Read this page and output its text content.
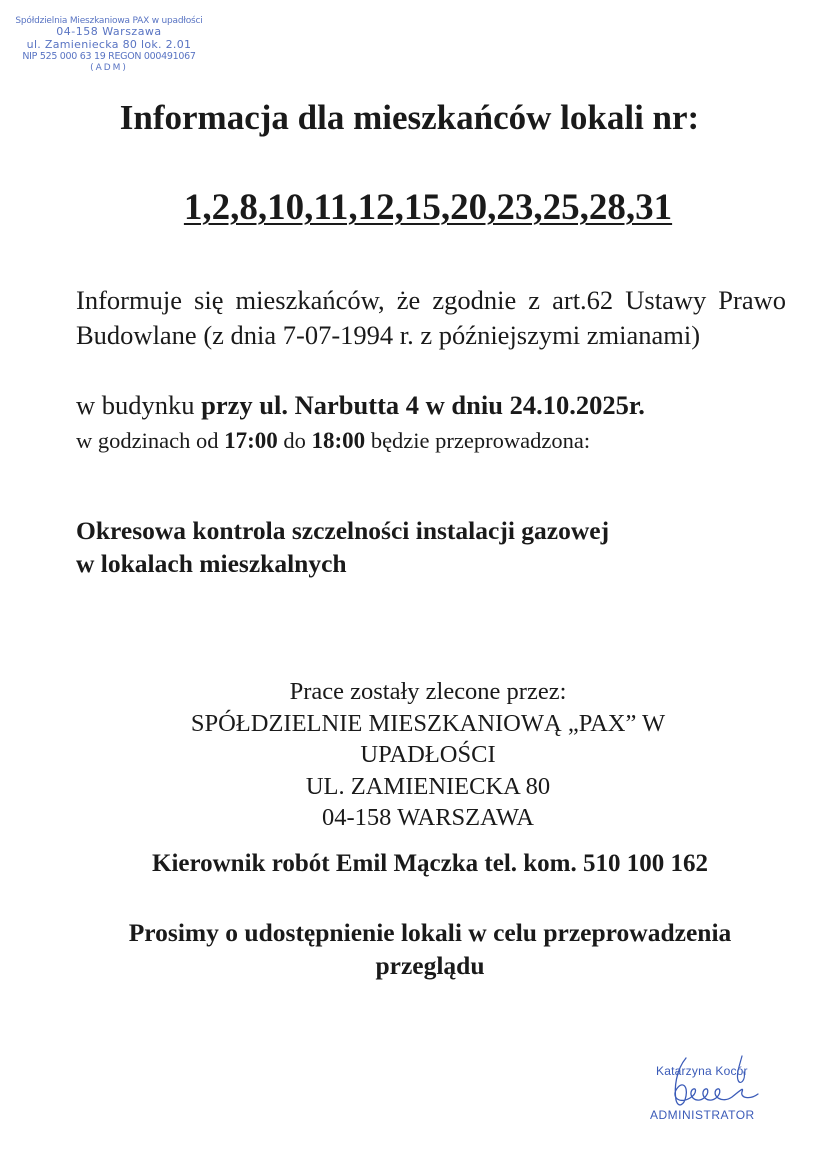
Spółdzielnia Mieszkaniowa PAX w upadłości
04-158 Warszawa
ul. Zamieniecka 80 lok. 2.01
NIP 525 000 63 19 REGON 000491067
(ADM)
Informacja dla mieszkańców lokali nr:
1,2,8,10,11,12,15,20,23,25,28,31

Informuje się mieszkańców, że zgodnie z art.62 Ustawy Prawo Budowlane (z dnia 7-07-1994 r. z późniejszymi zmianami)

w budynku przy ul. Narbutta 4 w dniu 24.10.2025r.

w godzinach od 17:00 do 18:00 będzie przeprowadzona:

Okresowa kontrola szczelności instalacji gazowej
w lokalach mieszkalnych
Prace zostały zlecone przez:
SPÓŁDZIELNIE MIESZKANIOWĄ „PAX” W
UPADŁOŚCI
UL. ZAMIENIECKA 80
04-158 WARSZAWA

Kierownik robót Emil Mączka tel. kom. 510 100 162

Prosimy o udostępnienie lokali w celu przeprowadzenia
przeglądu
Katarzyna Kocór
ADMINISTRATOR
